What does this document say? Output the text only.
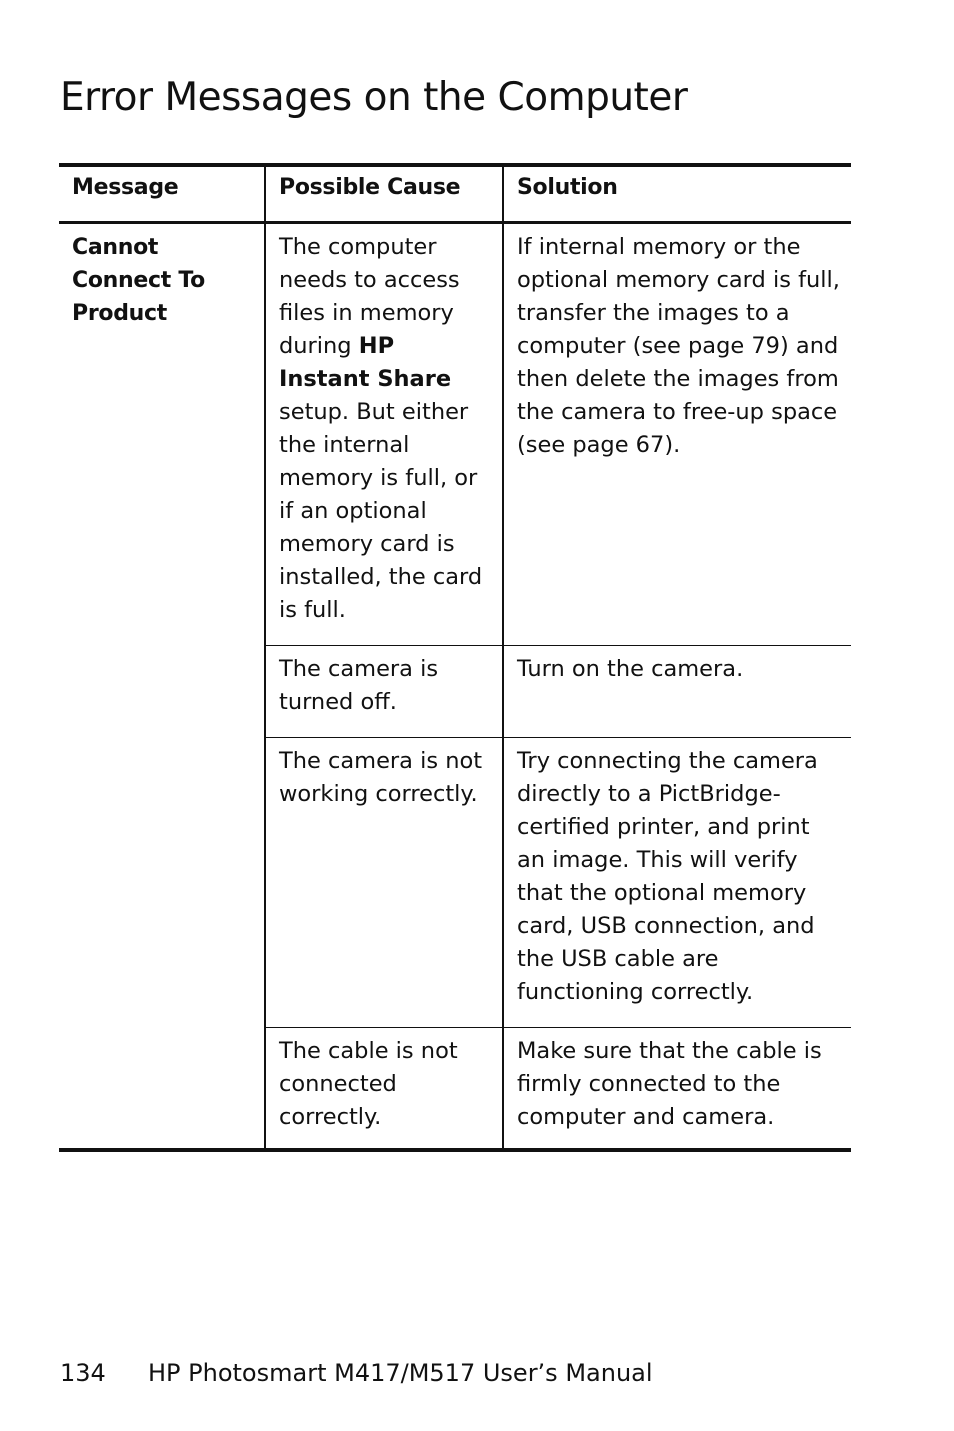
Error Messages on the Computer
Message	Possible Cause	Solution
Cannot Connect To Product	The computer needs to access files in memory during HP Instant Share setup. But either the internal memory is full, or if an optional memory card is installed, the card is full.	If internal memory or the optional memory card is full, transfer the images to a computer (see page 79) and then delete the images from the camera to free-up space (see page 67).
	The camera is turned off.	Turn on the camera.
	The camera is not working correctly.	Try connecting the camera directly to a PictBridge-certified printer, and print an image. This will verify that the optional memory card, USB connection, and the USB cable are functioning correctly.
	The cable is not connected correctly.	Make sure that the cable is firmly connected to the computer and camera.
134 HP Photosmart M417/M517 User’s Manual
